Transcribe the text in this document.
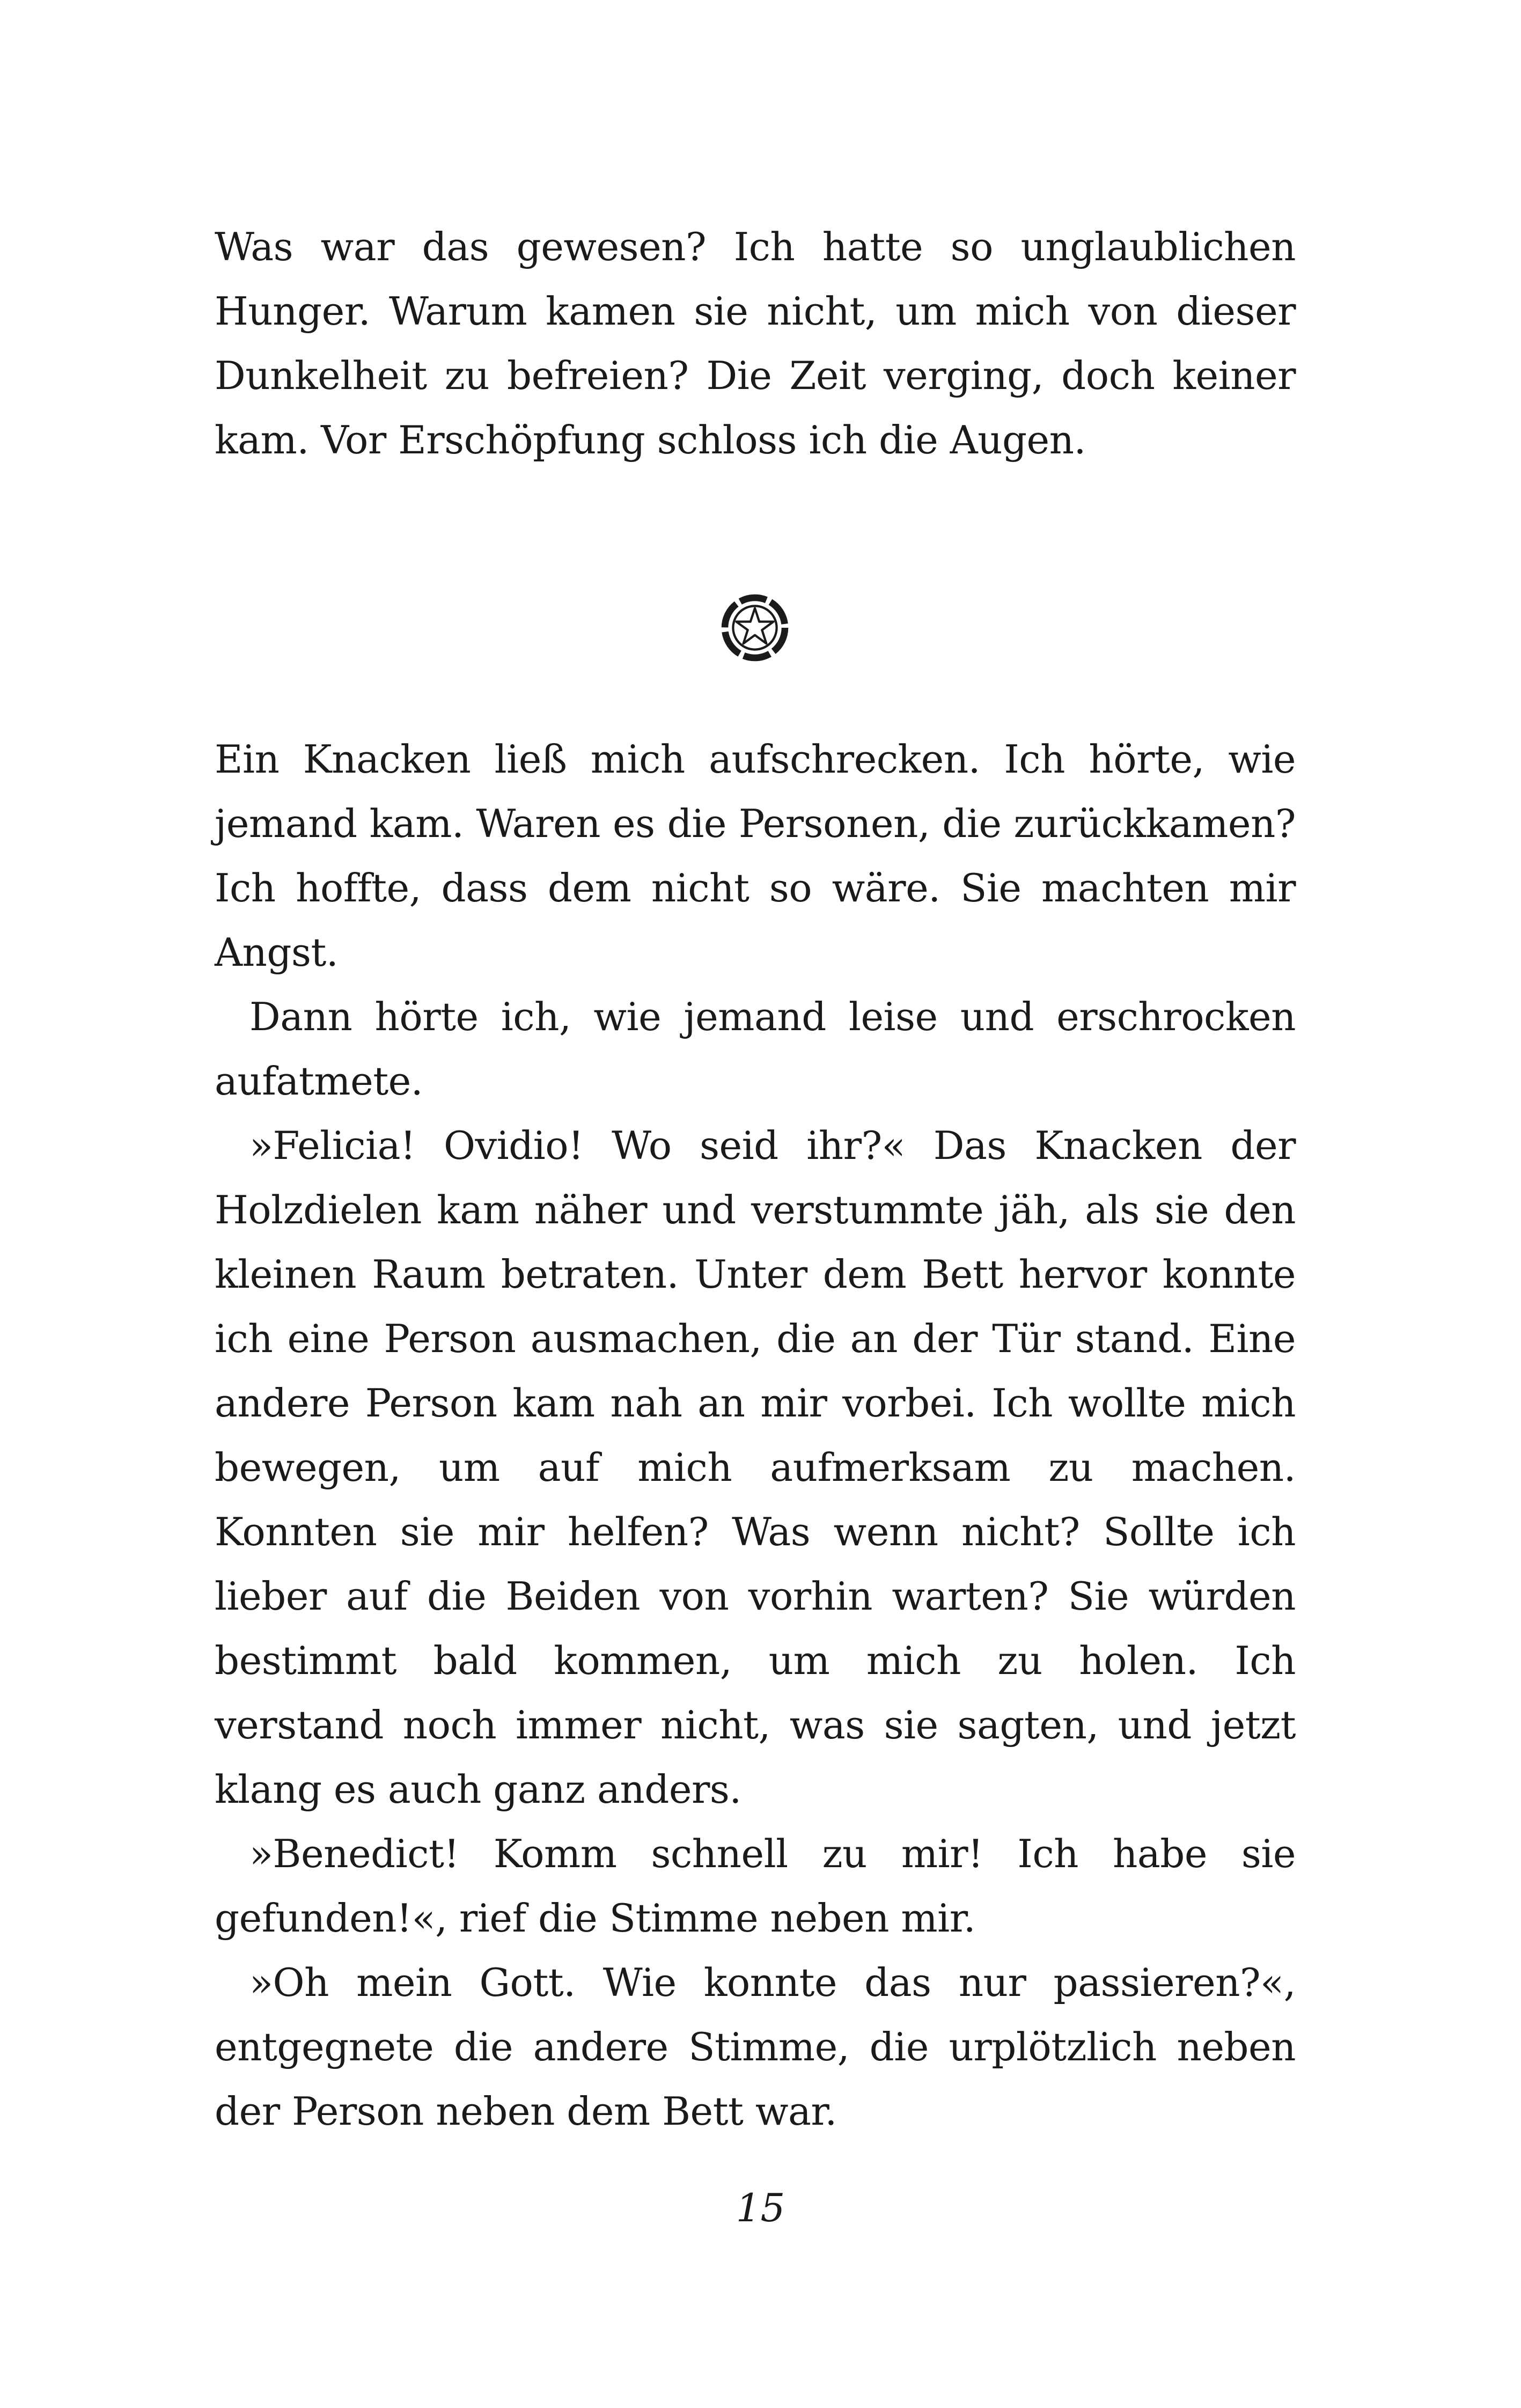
Was war das gewesen? Ich hatte so unglaublichen Hunger. Warum kamen sie nicht, um mich von dieser Dunkelheit zu befreien? Die Zeit verging, doch keiner kam. Vor Erschöpfung schloss ich die Augen.

Ein Knacken ließ mich aufschrecken. Ich hörte, wie jemand kam. Waren es die Personen, die zurückkamen? Ich hoffte, dass dem nicht so wäre. Sie machten mir Angst.

Dann hörte ich, wie jemand leise und erschrocken aufatmete.

»Felicia! Ovidio! Wo seid ihr?« Das Knacken der Holzdielen kam näher und verstummte jäh, als sie den kleinen Raum betraten. Unter dem Bett hervor konnte ich eine Person ausmachen, die an der Tür stand. Eine andere Person kam nah an mir vorbei. Ich wollte mich bewegen, um auf mich aufmerksam zu machen. Konnten sie mir helfen? Was wenn nicht? Sollte ich lieber auf die Beiden von vorhin warten? Sie würden bestimmt bald kommen, um mich zu holen. Ich verstand noch immer nicht, was sie sagten, und jetzt klang es auch ganz anders.

»Benedict! Komm schnell zu mir! Ich habe sie gefunden!«, rief die Stimme neben mir.

»Oh mein Gott. Wie konnte das nur passieren?«, entgegnete die andere Stimme, die urplötzlich neben der Person neben dem Bett war.

15
